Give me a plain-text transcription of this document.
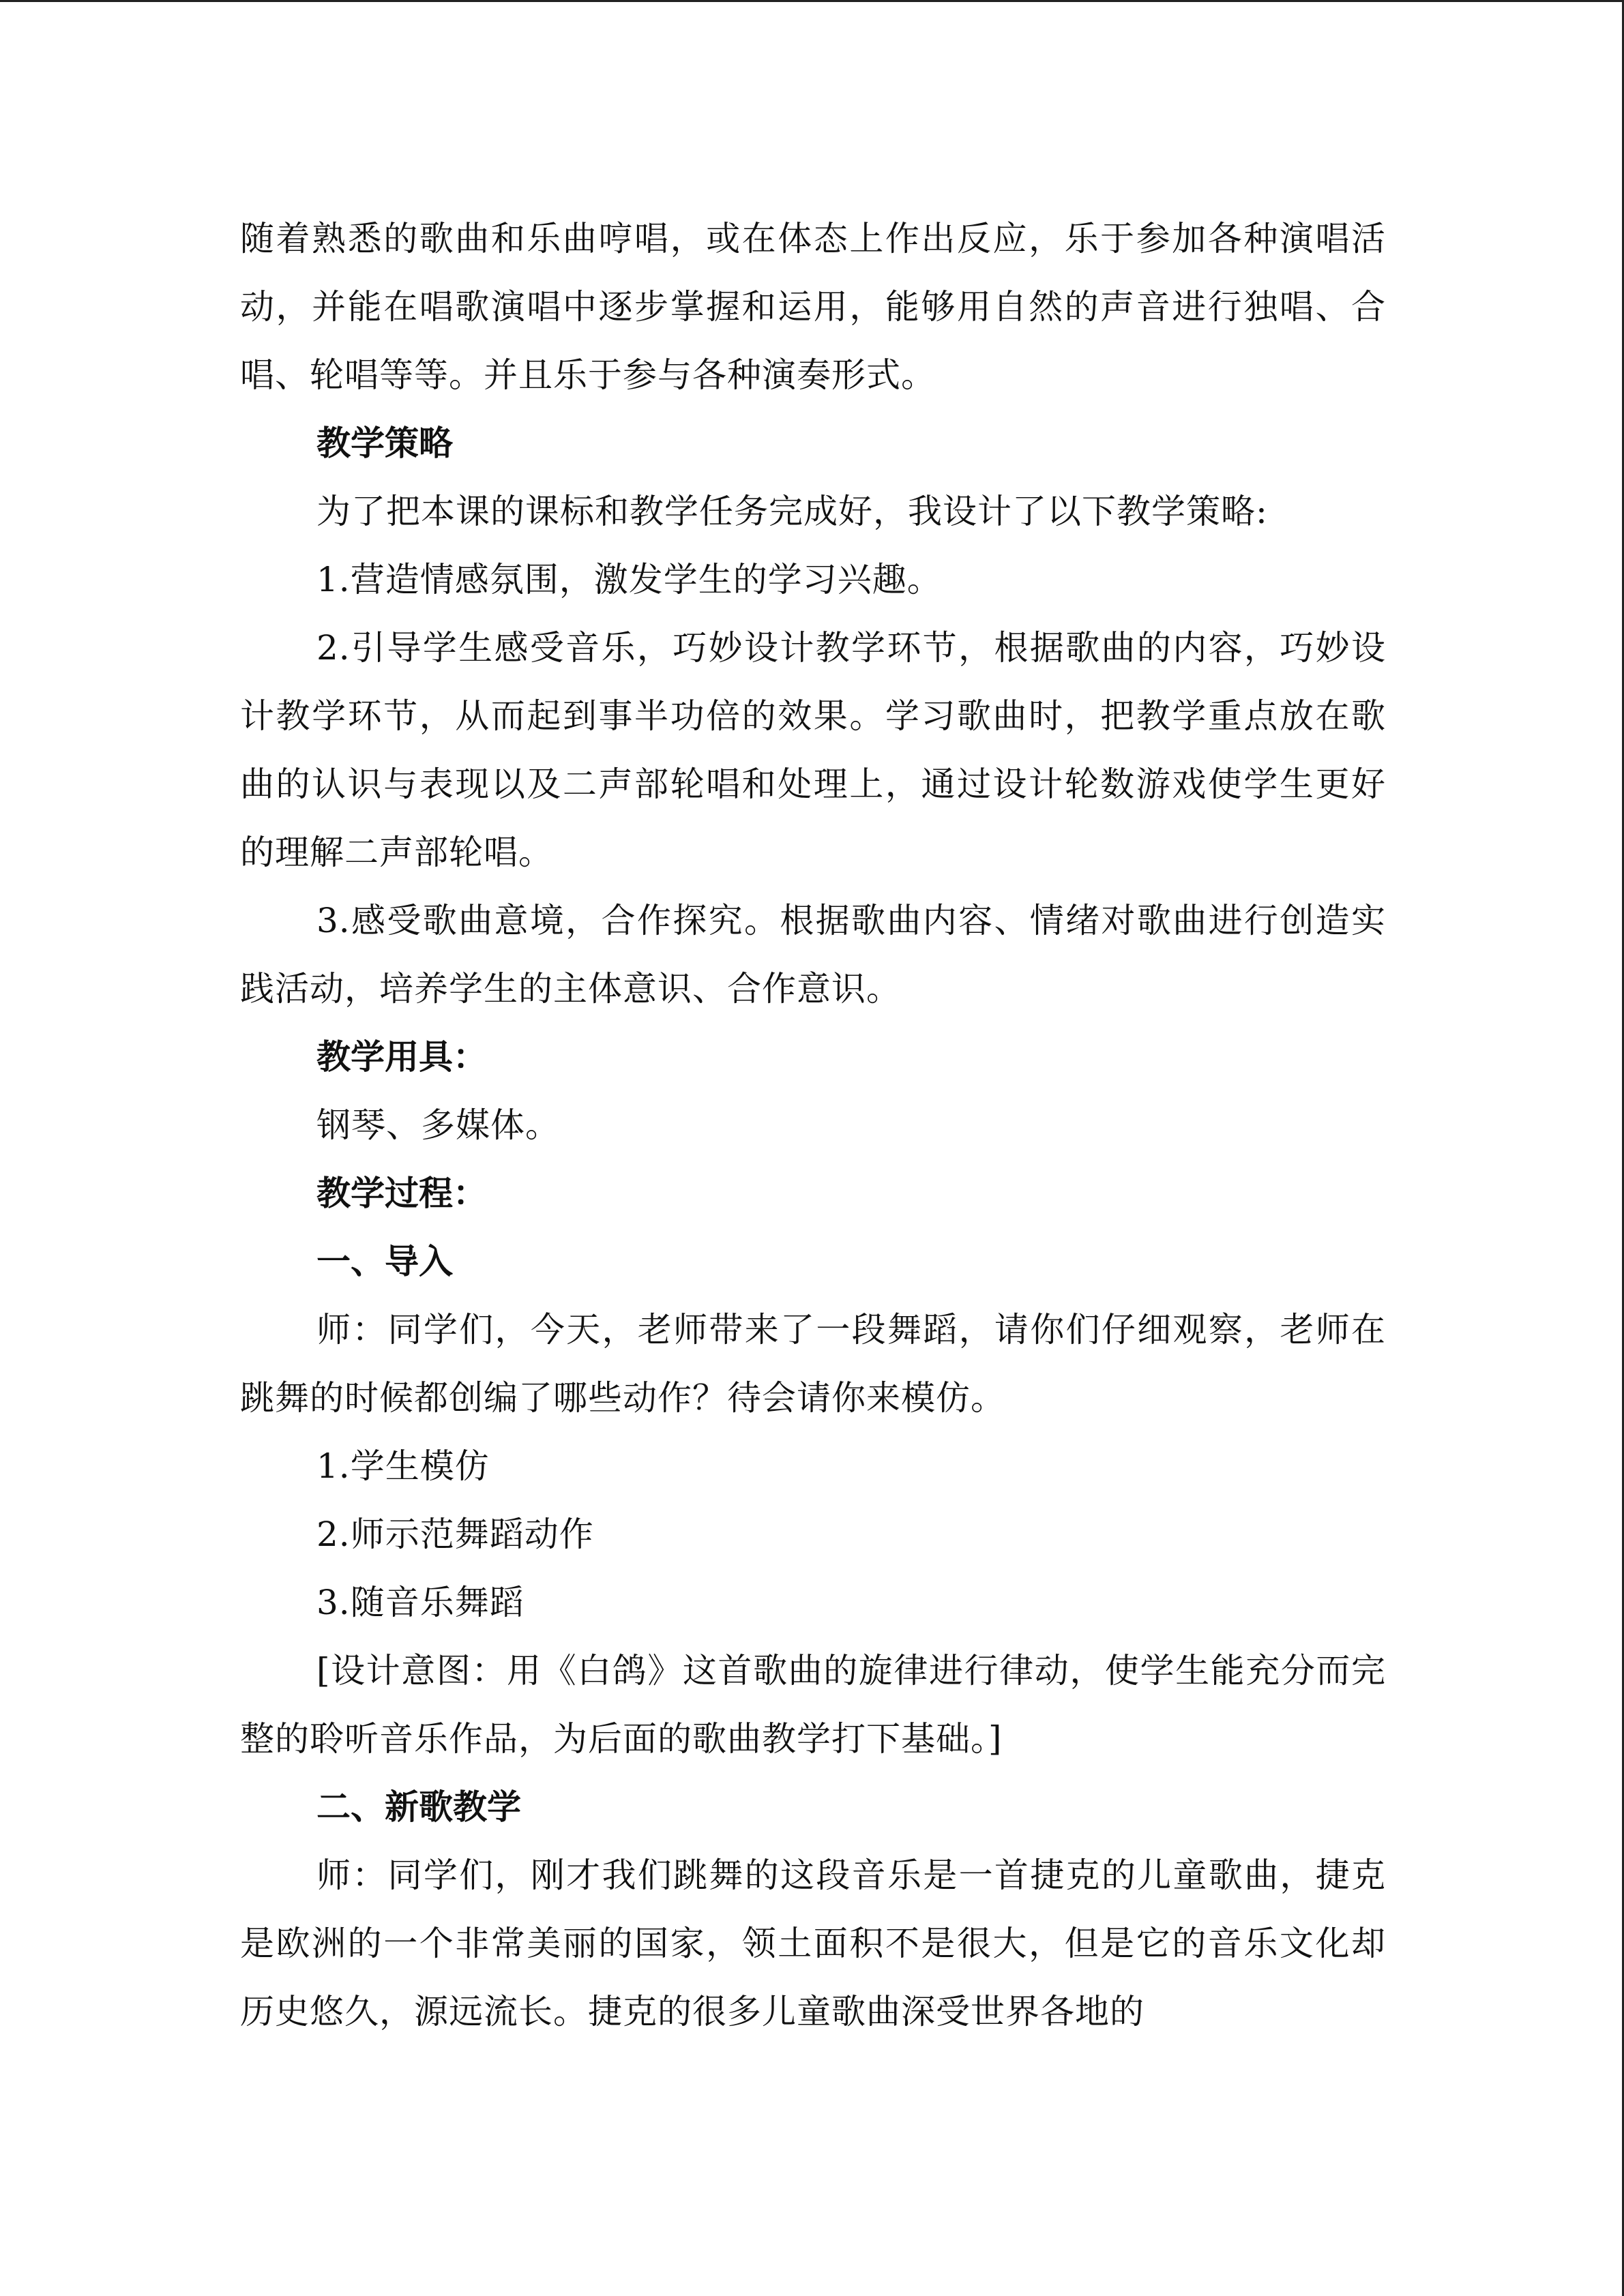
随着熟悉的歌曲和乐曲哼唱，或在体态上作出反应，乐于参加各种演唱活动，并能在唱歌演唱中逐步掌握和运用，能够用自然的声音进行独唱、合唱、轮唱等等。并且乐于参与各种演奏形式。

教学策略

为了把本课的课标和教学任务完成好，我设计了以下教学策略:

1.营造情感氛围，激发学生的学习兴趣。

2.引导学生感受音乐，巧妙设计教学环节，根据歌曲的内容，巧妙设计教学环节，从而起到事半功倍的效果。学习歌曲时，把教学重点放在歌曲的认识与表现以及二声部轮唱和处理上，通过设计轮数游戏使学生更好的理解二声部轮唱。

3.感受歌曲意境，合作探究。根据歌曲内容、情绪对歌曲进行创造实践活动，培养学生的主体意识、合作意识。

教学用具：

钢琴、多媒体。

教学过程：

一、导入

师：同学们，今天，老师带来了一段舞蹈，请你们仔细观察，老师在跳舞的时候都创编了哪些动作？待会请你来模仿。

1.学生模仿

2.师示范舞蹈动作

3.随音乐舞蹈

[设计意图：用《白鸽》这首歌曲的旋律进行律动，使学生能充分而完整的聆听音乐作品，为后面的歌曲教学打下基础。]

二、新歌教学

师：同学们，刚才我们跳舞的这段音乐是一首捷克的儿童歌曲，捷克是欧洲的一个非常美丽的国家，领土面积不是很大，但是它的音乐文化却历史悠久，源远流长。捷克的很多儿童歌曲深受世界各地的
